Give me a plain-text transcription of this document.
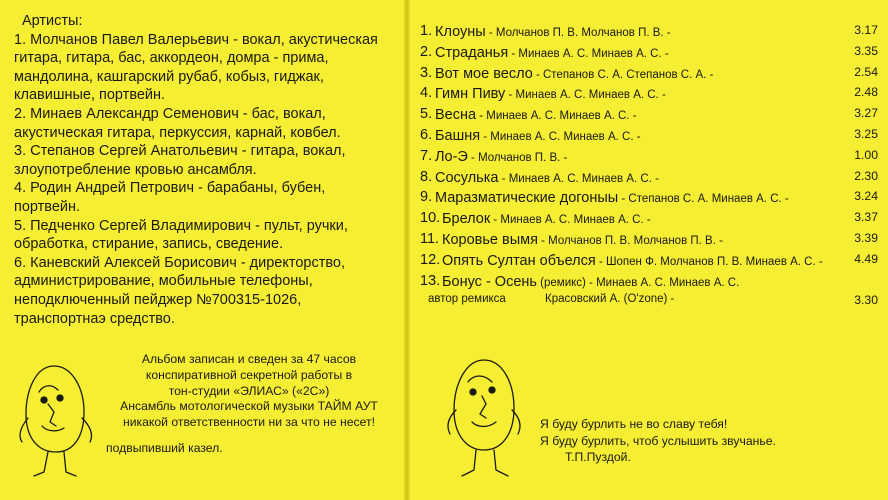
Артисты:
1. Молчанов Павел Валерьевич - вокал, акустическая
гитара, гитара, бас, аккордеон, домра - прима,
мандолина, кашгарский рубаб, кобыз, гиджак,
клавишные, портвейн.
2. Минаев Александр Семенович - бас, вокал,
акустическая гитара, перкуссия, карнай, ковбел.
3. Степанов Сергей Анатольевич - гитара, вокал,
злоупотребление кровью ансамбля.
4. Родин Андрей Петрович - барабаны, бубен,
портвейн.
5. Педченко Сергей Владимирович - пульт, ручки,
обработка, стирание, запись, сведение.
6. Каневский Алексей Борисович - директорство,
администрирование, мобильные телефоны,
неподключенный пейджер №700315-1026,
транспортнаэ средство.
Альбом записан и сведен за 47 часов
конспиративной секретной работы в
тон-студии «ЭЛИАС» («2С»)
Ансамбль мотологической музыки ТАЙМ АУТ
никакой ответственности ни за что не несет!
подвыпивший казел.
1. Клоуны - Молчанов П. В. Молчанов П. В. -	3.17
2. Страданья - Минаев А. С. Минаев А. С. -	3.35
3. Вот мое весло - Степанов С. А. Степанов С. А. -	2.54
4. Гимн Пиву - Минаев А. С. Минаев А. С. -	2.48
5. Весна - Минаев А. С. Минаев А. С. -	3.27
6. Башня - Минаев А. С. Минаев А. С. -	3.25
7. Ло-Э - Молчанов П. В. -	1.00
8. Сосулька - Минаев А. С. Минаев А. С. -	2.30
9. Маразматические догоныы - Степанов С. А. Минаев А. С. -	3.24
10. Брелок - Минаев А. С. Минаев А. С. -	3.37
11. Коровье вымя - Молчанов П. В. Молчанов П. В. -	3.39
12. Опять Султан объелся - Шопен Ф. Молчанов П. В. Минаев А. С. -	4.49
13. Бонус - Осень (ремикс) - Минаев А. С. Минаев А. С.
автор ремикса	Красовский А. (O'zone) -	3.30
Я буду бурлить не во славу тебя!
Я буду бурлить, чтоб услышить звучанье.
Т.П.Пуздой.
